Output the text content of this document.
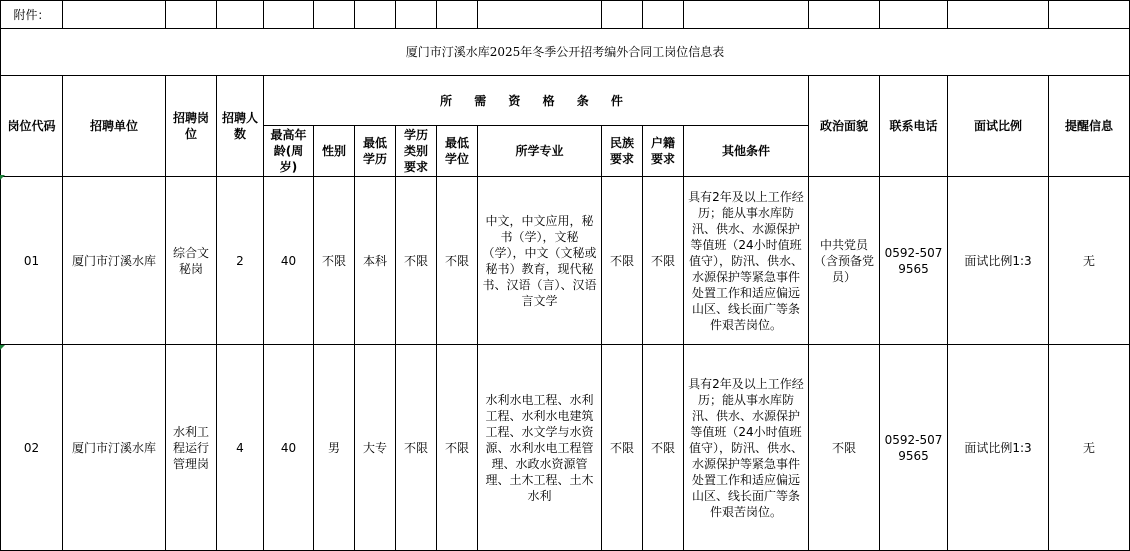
附件：																
厦门市汀溪水库2025年冬季公开招考编外合同工岗位信息表																
岗位代码	招聘单位	招聘岗位	招聘人数	所 需 资 格 条 件									政治面貌	联系电话	面试比例	提醒信息
				最高年龄(周岁)	性别	最低学历	学历类别要求	最低学位	所学专业	民族要求	户籍要求	其他条件				
01	厦门市汀溪水库	综合文秘岗	2	40	不限	本科	不限	不限	中文，中文应用，秘书（学），文秘（学），中文（文秘或秘书）教育，现代秘书、汉语（言）、汉语言文学	不限	不限	具有2年及以上工作经历；能从事水库防汛、供水、水源保护等值班（24小时值班值守），防汛、供水、水源保护等紧急事件处置工作和适应偏远山区、线长面广等条件艰苦岗位。	中共党员（含预备党员）	0592-5079565	面试比例1:3	无
02	厦门市汀溪水库	水利工程运行管理岗	4	40	男	大专	不限	不限	水利水电工程、水利工程、水利水电建筑工程、水文学与水资源、水利水电工程管理、水政水资源管理、土木工程、土木水利	不限	不限	具有2年及以上工作经历；能从事水库防汛、供水、水源保护等值班（24小时值班值守），防汛、供水、水源保护等紧急事件处置工作和适应偏远山区、线长面广等条件艰苦岗位。	不限	0592-5079565	面试比例1:3	无
